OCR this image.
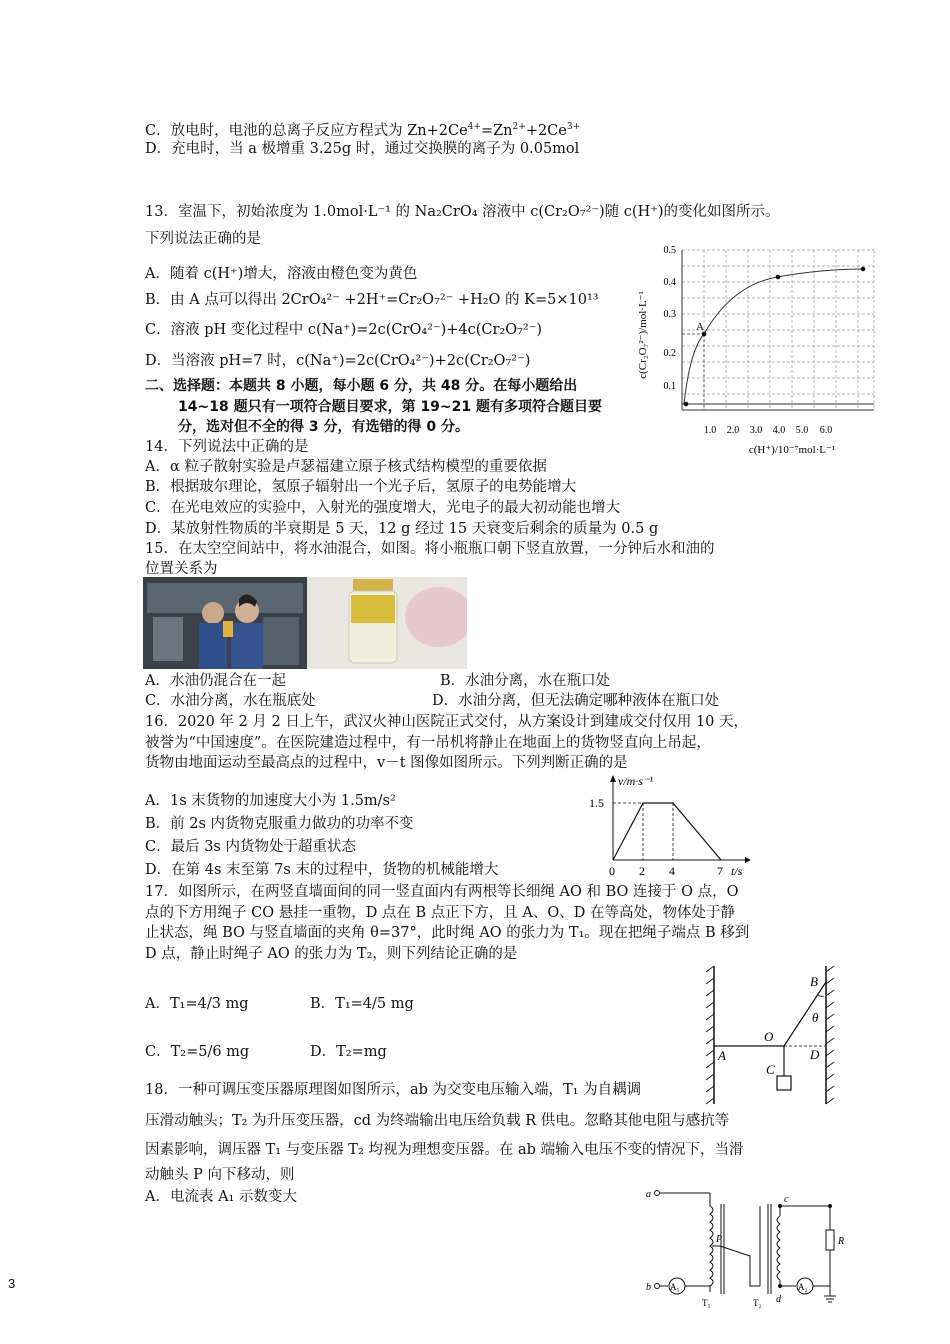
C．放电时，电池的总离子反应方程式为 $Zn+2Ce^{4+}=Zn^{2+}+2Ce^{3+}$
D．充电时，当 a 极增重 3.25g 时，通过交换膜的离子为 0.05mol
13．室温下，初始浓度为 1.0mol·L⁻¹ 的 Na₂CrO₄ 溶液中 c(Cr₂O₇²⁻)随 c(H⁺)的变化如图所示。
下列说法正确的是
A．随着 c(H⁺)增大，溶液由橙色变为黄色
B．由 A 点可以得出 2CrO₄²⁻ +2H⁺=Cr₂O₇²⁻ +H₂O 的 K=5×10¹³
C．溶液 pH 变化过程中 c(Na⁺)=2c(CrO₄²⁻)+4c(Cr₂O₇²⁻)
D．当溶液 pH=7 时，c(Na⁺)=2c(CrO₄²⁻)+2c(Cr₂O₇²⁻)
二、选择题：本题共 8 小题，每小题 6 分，共 48 分。在每小题给出
14~18 题只有一项符合题目要求，第 19~21 题有多项符合题目要
分，选对但不全的得 3 分，有选错的得 0 分。
14．下列说法中正确的是
A．α 粒子散射实验是卢瑟福建立原子核式结构模型的重要依据
B．根据玻尔理论，氢原子辐射出一个光子后，氢原子的电势能增大
C．在光电效应的实验中，入射光的强度增大，光电子的最大初动能也增大
D．某放射性物质的半衰期是 5 天，12 g 经过 15 天衰变后剩余的质量为 0.5 g
15．在太空空间站中，将水油混合，如图。将小瓶瓶口朝下竖直放置，一分钟后水和油的
位置关系为
A．水油仍混合在一起	B．水油分离，水在瓶口处
C．水油分离，水在瓶底处	D．水油分离，但无法确定哪种液体在瓶口处
16．2020 年 2 月 2 日上午，武汉火神山医院正式交付，从方案设计到建成交付仅用 10 天，
被誉为“中国速度”。在医院建造过程中，有一吊机将静止在地面上的货物竖直向上吊起，
货物由地面运动至最高点的过程中，v－t 图像如图所示。下列判断正确的是
A．1s 末货物的加速度大小为 1.5m/s²
B．前 2s 内货物克服重力做功的功率不变
C．最后 3s 内货物处于超重状态
D．在第 4s 末至第 7s 末的过程中，货物的机械能增大
17．如图所示，在两竖直墙面间的同一竖直面内有两根等长细绳 AO 和 BO 连接于 O 点，O
点的下方用绳子 CO 悬挂一重物，D 点在 B 点正下方，且 A、O、D 在等高处，物体处于静
止状态，绳 BO 与竖直墙面的夹角 θ=37°，此时绳 AO 的张力为 T₁。现在把绳子端点 B 移到
D 点，静止时绳子 AO 的张力为 T₂，则下列结论正确的是
A．T₁=4/3 mg	B．T₁=4/5 mg
C．T₂=5/6 mg	D．T₂=mg
18．一种可调压变压器原理图如图所示，ab 为交变电压输入端，T₁ 为自耦调
压滑动触头；T₂ 为升压变压器，cd 为终端输出电压给负载 R 供电。忽略其他电阻与感抗等
因素影响，调压器 T₁ 与变压器 T₂ 均视为理想变压器。在 ab 端输入电压不变的情况下，当滑
动触头 P 向下移动，则
A．电流表 A₁ 示数变大
A
0.5
0.4
0.3
0.2
0.1
1.0 2.0 3.0 4.0 5.0 6.0
c(H⁺)/10⁻⁷mol·L⁻¹
c(Cr₂O₇²⁻)/mol·L⁻¹
v/m·s⁻¹
1.5
0 2 4	7 t/s
A
B
C
D
O
θ
a
b
c
d
P	R
T₁	T₂
A₁	A₂
3
